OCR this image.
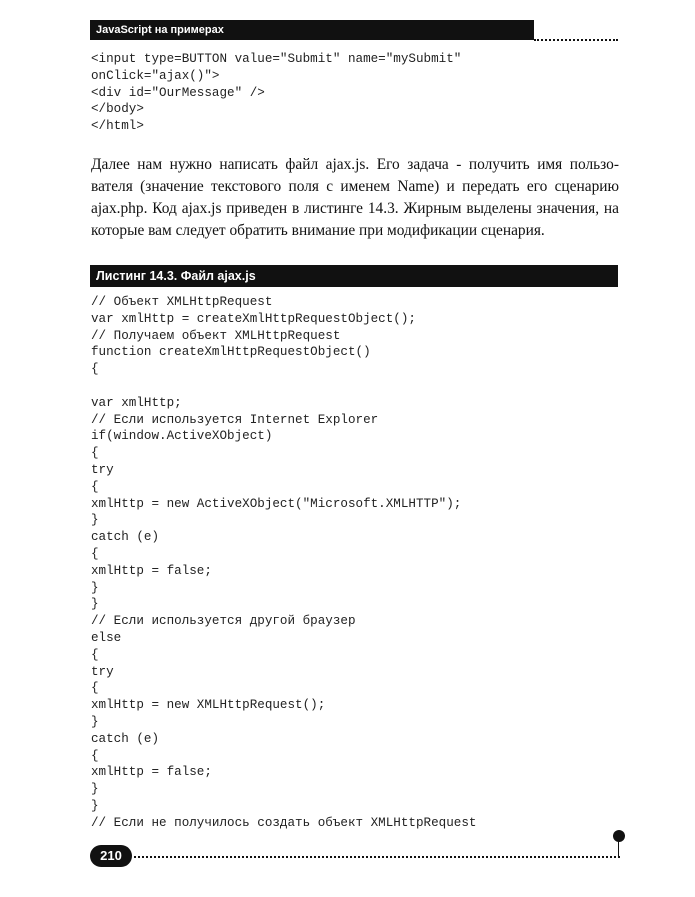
JavaScript на примерах
<input type=BUTTON value="Submit" name="mySubmit"
onClick="ajax()">
<div id="OurMessage" />
</body>
</html>
Далее нам нужно написать файл ajax.js. Его задача - получить имя пользо-вателя (значение текстового поля с именем Name) и передать его сценарию ajax.php. Код ajax.js приведен в листинге 14.3. Жирным выделены значения, на которые вам следует обратить внимание при модификации сценария.
Листинг 14.3. Файл ajax.js
// Объект XMLHttpRequest
var xmlHttp = createXmlHttpRequestObject();
// Получаем объект XMLHttpRequest
function createXmlHttpRequestObject()
{

var xmlHttp;
// Если используется Internet Explorer
if(window.ActiveXObject)
{
try
{
xmlHttp = new ActiveXObject("Microsoft.XMLHTTP");
}
catch (e)
{
xmlHttp = false;
}
}
// Если используется другой браузер
else
{
try
{
xmlHttp = new XMLHttpRequest();
}
catch (e)
{
xmlHttp = false;
}
}
// Если не получилось создать объект XMLHttpRequest
210
